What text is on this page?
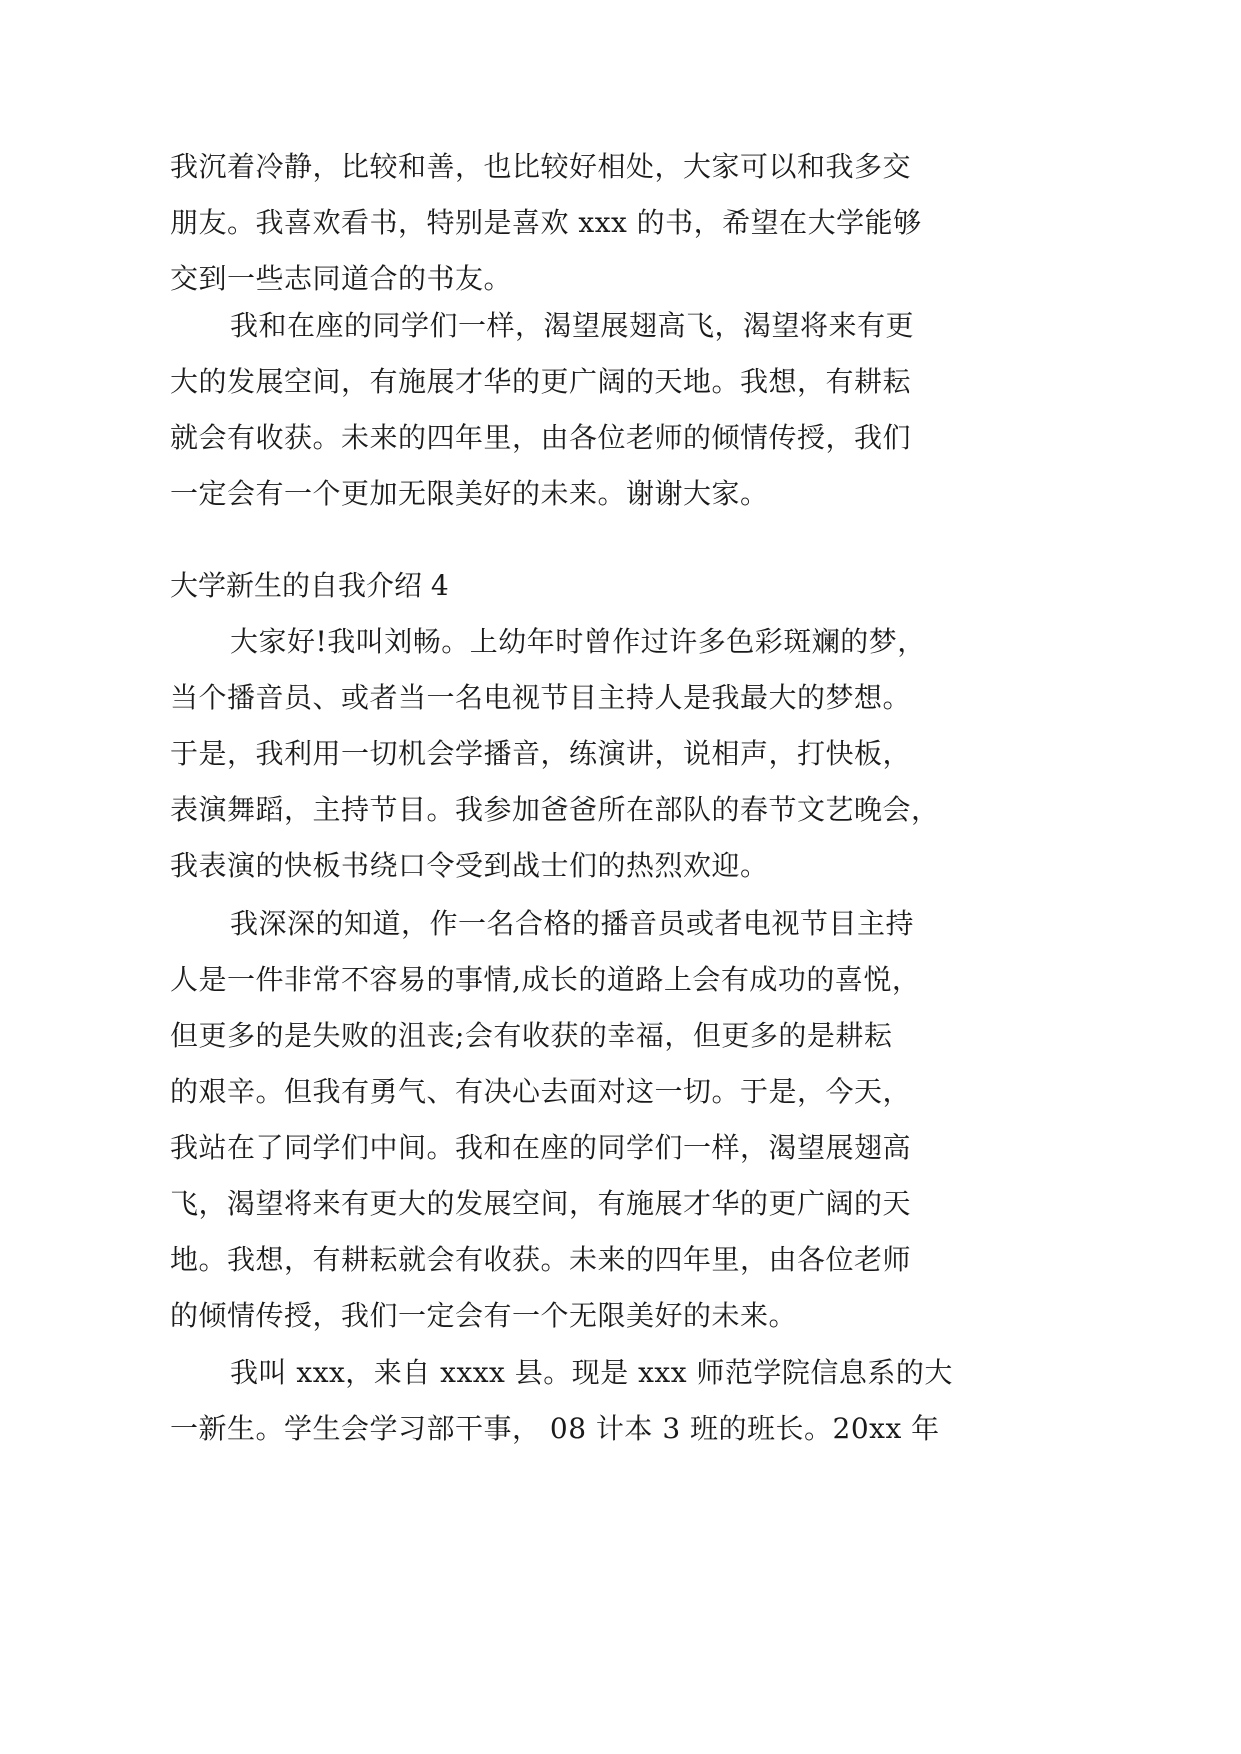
我沉着冷静，比较和善，也比较好相处，大家可以和我多交
朋友。我喜欢看书，特别是喜欢 xxx 的书，希望在大学能够
交到一些志同道合的书友。
我和在座的同学们一样，渴望展翅高飞，渴望将来有更
大的发展空间，有施展才华的更广阔的天地。我想，有耕耘
就会有收获。未来的四年里，由各位老师的倾情传授，我们
一定会有一个更加无限美好的未来。谢谢大家。
大学新生的自我介绍 4
大家好!我叫刘畅。上幼年时曾作过许多色彩斑斓的梦，
当个播音员、或者当一名电视节目主持人是我最大的梦想。
于是，我利用一切机会学播音，练演讲，说相声，打快板，
表演舞蹈，主持节目。我参加爸爸所在部队的春节文艺晚会，
我表演的快板书绕口令受到战士们的热烈欢迎。
我深深的知道，作一名合格的播音员或者电视节目主持
人是一件非常不容易的事情,成长的道路上会有成功的喜悦，
但更多的是失败的沮丧;会有收获的幸福，但更多的是耕耘
的艰辛。但我有勇气、有决心去面对这一切。于是，今天，
我站在了同学们中间。我和在座的同学们一样，渴望展翅高
飞，渴望将来有更大的发展空间，有施展才华的更广阔的天
地。我想，有耕耘就会有收获。未来的四年里，由各位老师
的倾情传授，我们一定会有一个无限美好的未来。
我叫 xxx，来自 xxxx 县。现是 xxx 师范学院信息系的大
一新生。学生会学习部干事， 08 计本 3 班的班长。20xx 年
